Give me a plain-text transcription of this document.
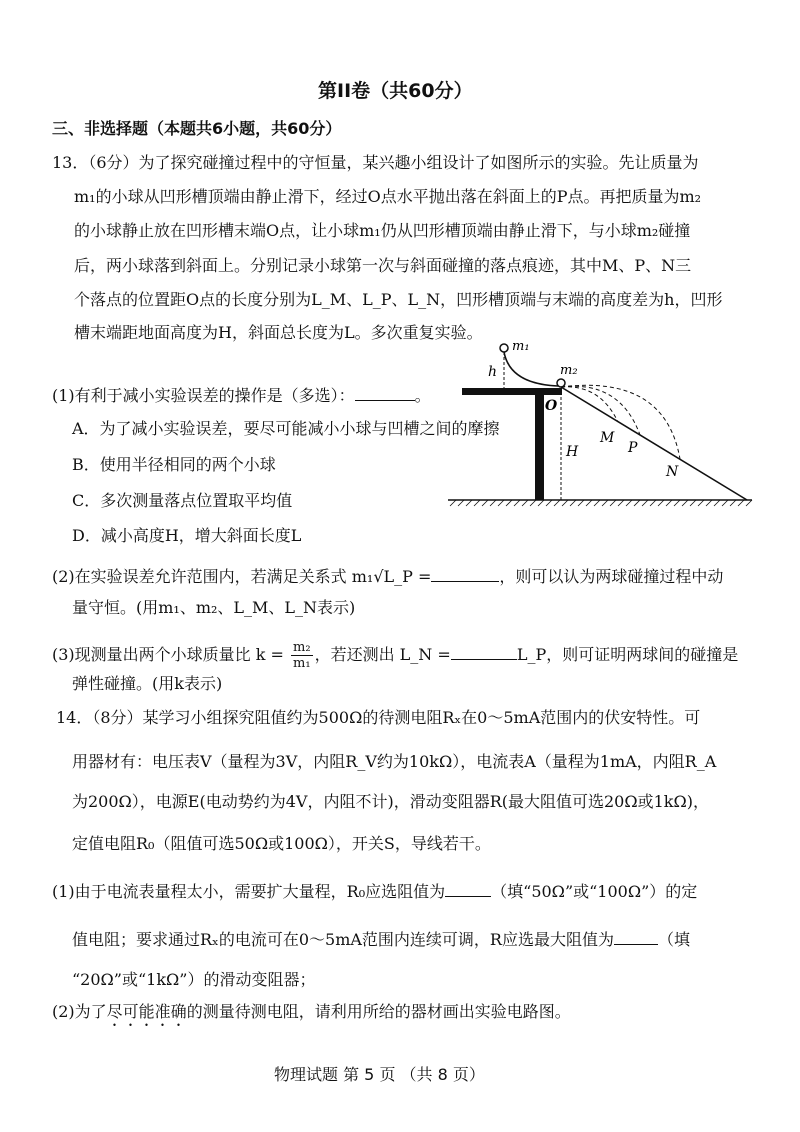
第II卷（共60分）
三、非选择题（本题共6小题，共60分）
13．（6分）为了探究碰撞过程中的守恒量，某兴趣小组设计了如图所示的实验。先让质量为
m₁的小球从凹形槽顶端由静止滑下，经过O点水平抛出落在斜面上的P点。再把质量为m₂
的小球静止放在凹形槽末端O点，让小球m₁仍从凹形槽顶端由静止滑下，与小球m₂碰撞
后，两小球落到斜面上。分别记录小球第一次与斜面碰撞的落点痕迹，其中M、P、N三
个落点的位置距O点的长度分别为L_M、L_P、L_N，凹形槽顶端与末端的高度差为h，凹形
槽末端距地面高度为H，斜面总长度为L。多次重复实验。
(1)有利于减小实验误差的操作是（多选）：	。
A．为了减小实验误差，要尽可能减小小球与凹槽之间的摩擦
B．使用半径相同的两个小球
C．多次测量落点位置取平均值
D．减小高度H，增大斜面长度L
(2)在实验误差允许范围内，若满足关系式 m₁√L_P =	，则可以认为两球碰撞过程中动
量守恒。(用m₁、m₂、L_M、L_N表示)
(3)现测量出两个小球质量比 $k = \frac{\text{m₂}}{\text{m₁}}$ ，若还测出 L_N =	L_P，则可证明两球间的碰撞是
弹性碰撞。(用k表示)
m₁
m₂
h
O
H
M
P
N
14．（8分）某学习小组探究阻值约为500Ω的待测电阻Rₓ在0～5mA范围内的伏安特性。可
用器材有：电压表V（量程为3V，内阻R_V约为10kΩ），电流表A（量程为1mA，内阻R_A
为200Ω），电源E(电动势约为4V，内阻不计)，滑动变阻器R(最大阻值可选20Ω或1kΩ)，
定值电阻R₀（阻值可选50Ω或100Ω），开关S，导线若干。
(1)由于电流表量程太小，需要扩大量程，R₀应选阻值为	（填“50Ω”或“100Ω”）的定
值电阻；要求通过Rₓ的电流可在0～5mA范围内连续可调，R应选最大阻值为	（填
“20Ω”或“1kΩ”）的滑动变阻器；
(2)为了尽可能准确的测量待测电阻，请利用所给的器材画出实验电路图。
物理试题 第 5 页 （共 8 页）
